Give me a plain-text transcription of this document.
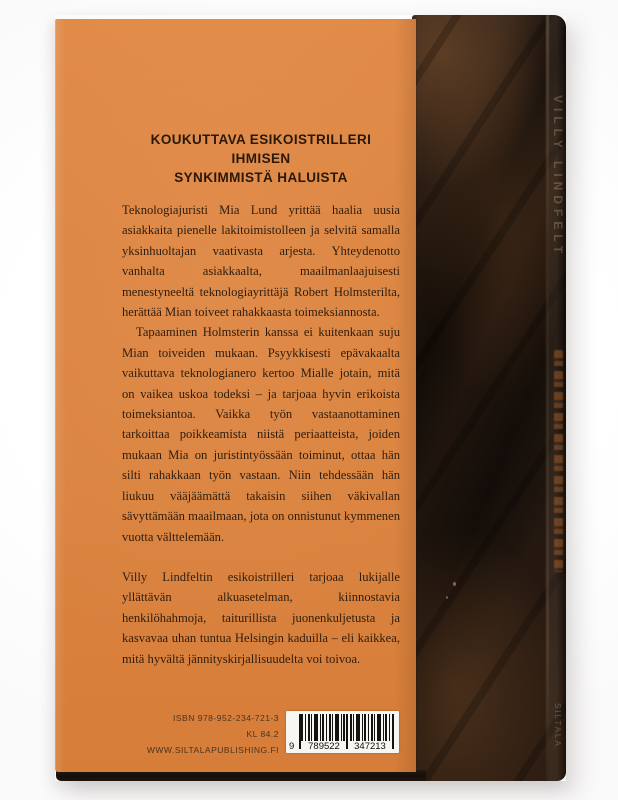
VILLY LINDFELT
SILTALA
KOUKUTTAVA ESIKOISTRILLERI IHMISEN
SYNKIMMISTÄ HALUISTA

Teknologiajuristi Mia Lund yrittää haalia uusia asiakkaita pienelle lakitoimistolleen ja selvitä samalla yksinhuoltajan vaativasta arjesta. Yhteydenotto vanhalta asiakkaalta, maailmanlaajuisesti menestyneeltä teknologiayrittäjä Robert Holmsterilta, herättää Mian toiveet rahakkaasta toimeksiannosta.

Tapaaminen Holmsterin kanssa ei kuitenkaan suju Mian toiveiden mukaan. Psyykkisesti epävakaalta vaikuttava teknologianero kertoo Mialle jotain, mitä on vaikea uskoa todeksi – ja tarjoaa hyvin erikoista toimeksiantoa. Vaikka työn vastaanottaminen tarkoittaa poikkeamista niistä periaatteista, joiden mukaan Mia on juristintyössään toiminut, ottaa hän silti rahakkaan työn vastaan. Niin tehdessään hän liukuu vääjäämättä takaisin siihen väkivallan sävyttämään maailmaan, jota on onnistunut kymmenen vuotta välttelemään.

Villy Lindfeltin esikoistrilleri tarjoaa lukijalle yllättävän alkuasetelman, kiinnostavia henkilöhahmoja, taiturillista juonenkuljetusta ja kasvavaa uhan tuntua Helsingin kaduilla – eli kaikkea, mitä hyvältä jännityskirjallisuudelta voi toivoa.

ISBN 978-952-234-721-3
KL 84.2
WWW.SILTALAPUBLISHING.FI 9	789522	347213
